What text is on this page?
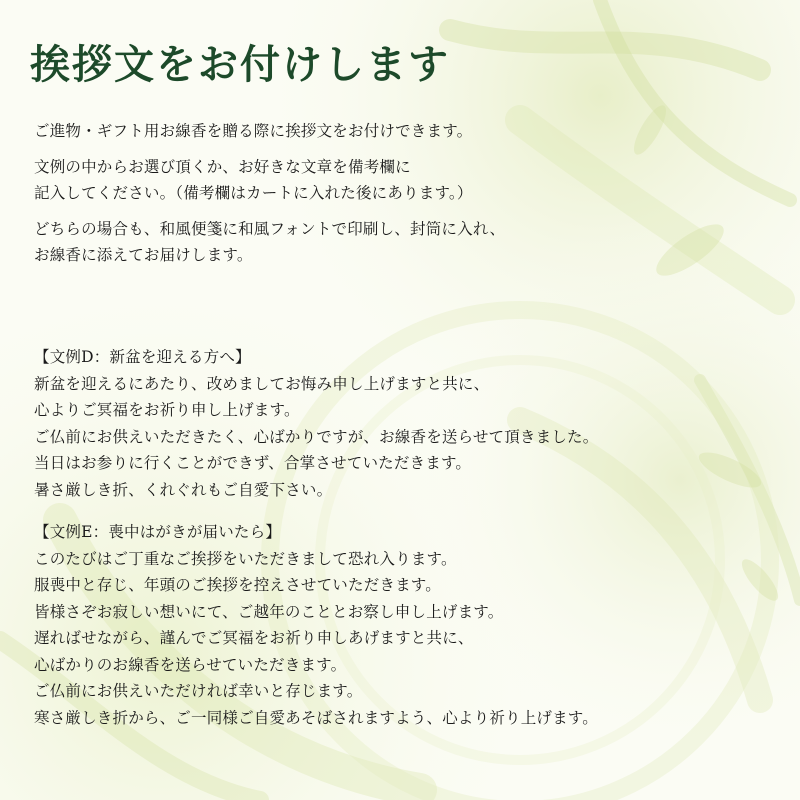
挨拶文をお付けします

ご進物・ギフト用お線香を贈る際に挨拶文をお付けできます。

文例の中からお選び頂くか、お好きな文章を備考欄に
記入してください。（備考欄はカートに入れた後にあります。）

どちらの場合も、和風便箋に和風フォントで印刷し、封筒に入れ、
お線香に添えてお届けします。

【文例D：新盆を迎える方へ】
新盆を迎えるにあたり、改めましてお悔み申し上げますと共に、
心よりご冥福をお祈り申し上げます。
ご仏前にお供えいただきたく、心ばかりですが、お線香を送らせて頂きました。
当日はお参りに行くことができず、合掌させていただきます。
暑さ厳しき折、くれぐれもご自愛下さい。
【文例E：喪中はがきが届いたら】
このたびはご丁重なご挨拶をいただきまして恐れ入ります。
服喪中と存じ、年頭のご挨拶を控えさせていただきます。
皆様さぞお寂しい想いにて、ご越年のこととお察し申し上げます。
遅ればせながら、謹んでご冥福をお祈り申しあげますと共に、
心ばかりのお線香を送らせていただきます。
ご仏前にお供えいただければ幸いと存じます。
寒さ厳しき折から、ご一同様ご自愛あそばされますよう、心より祈り上げます。
